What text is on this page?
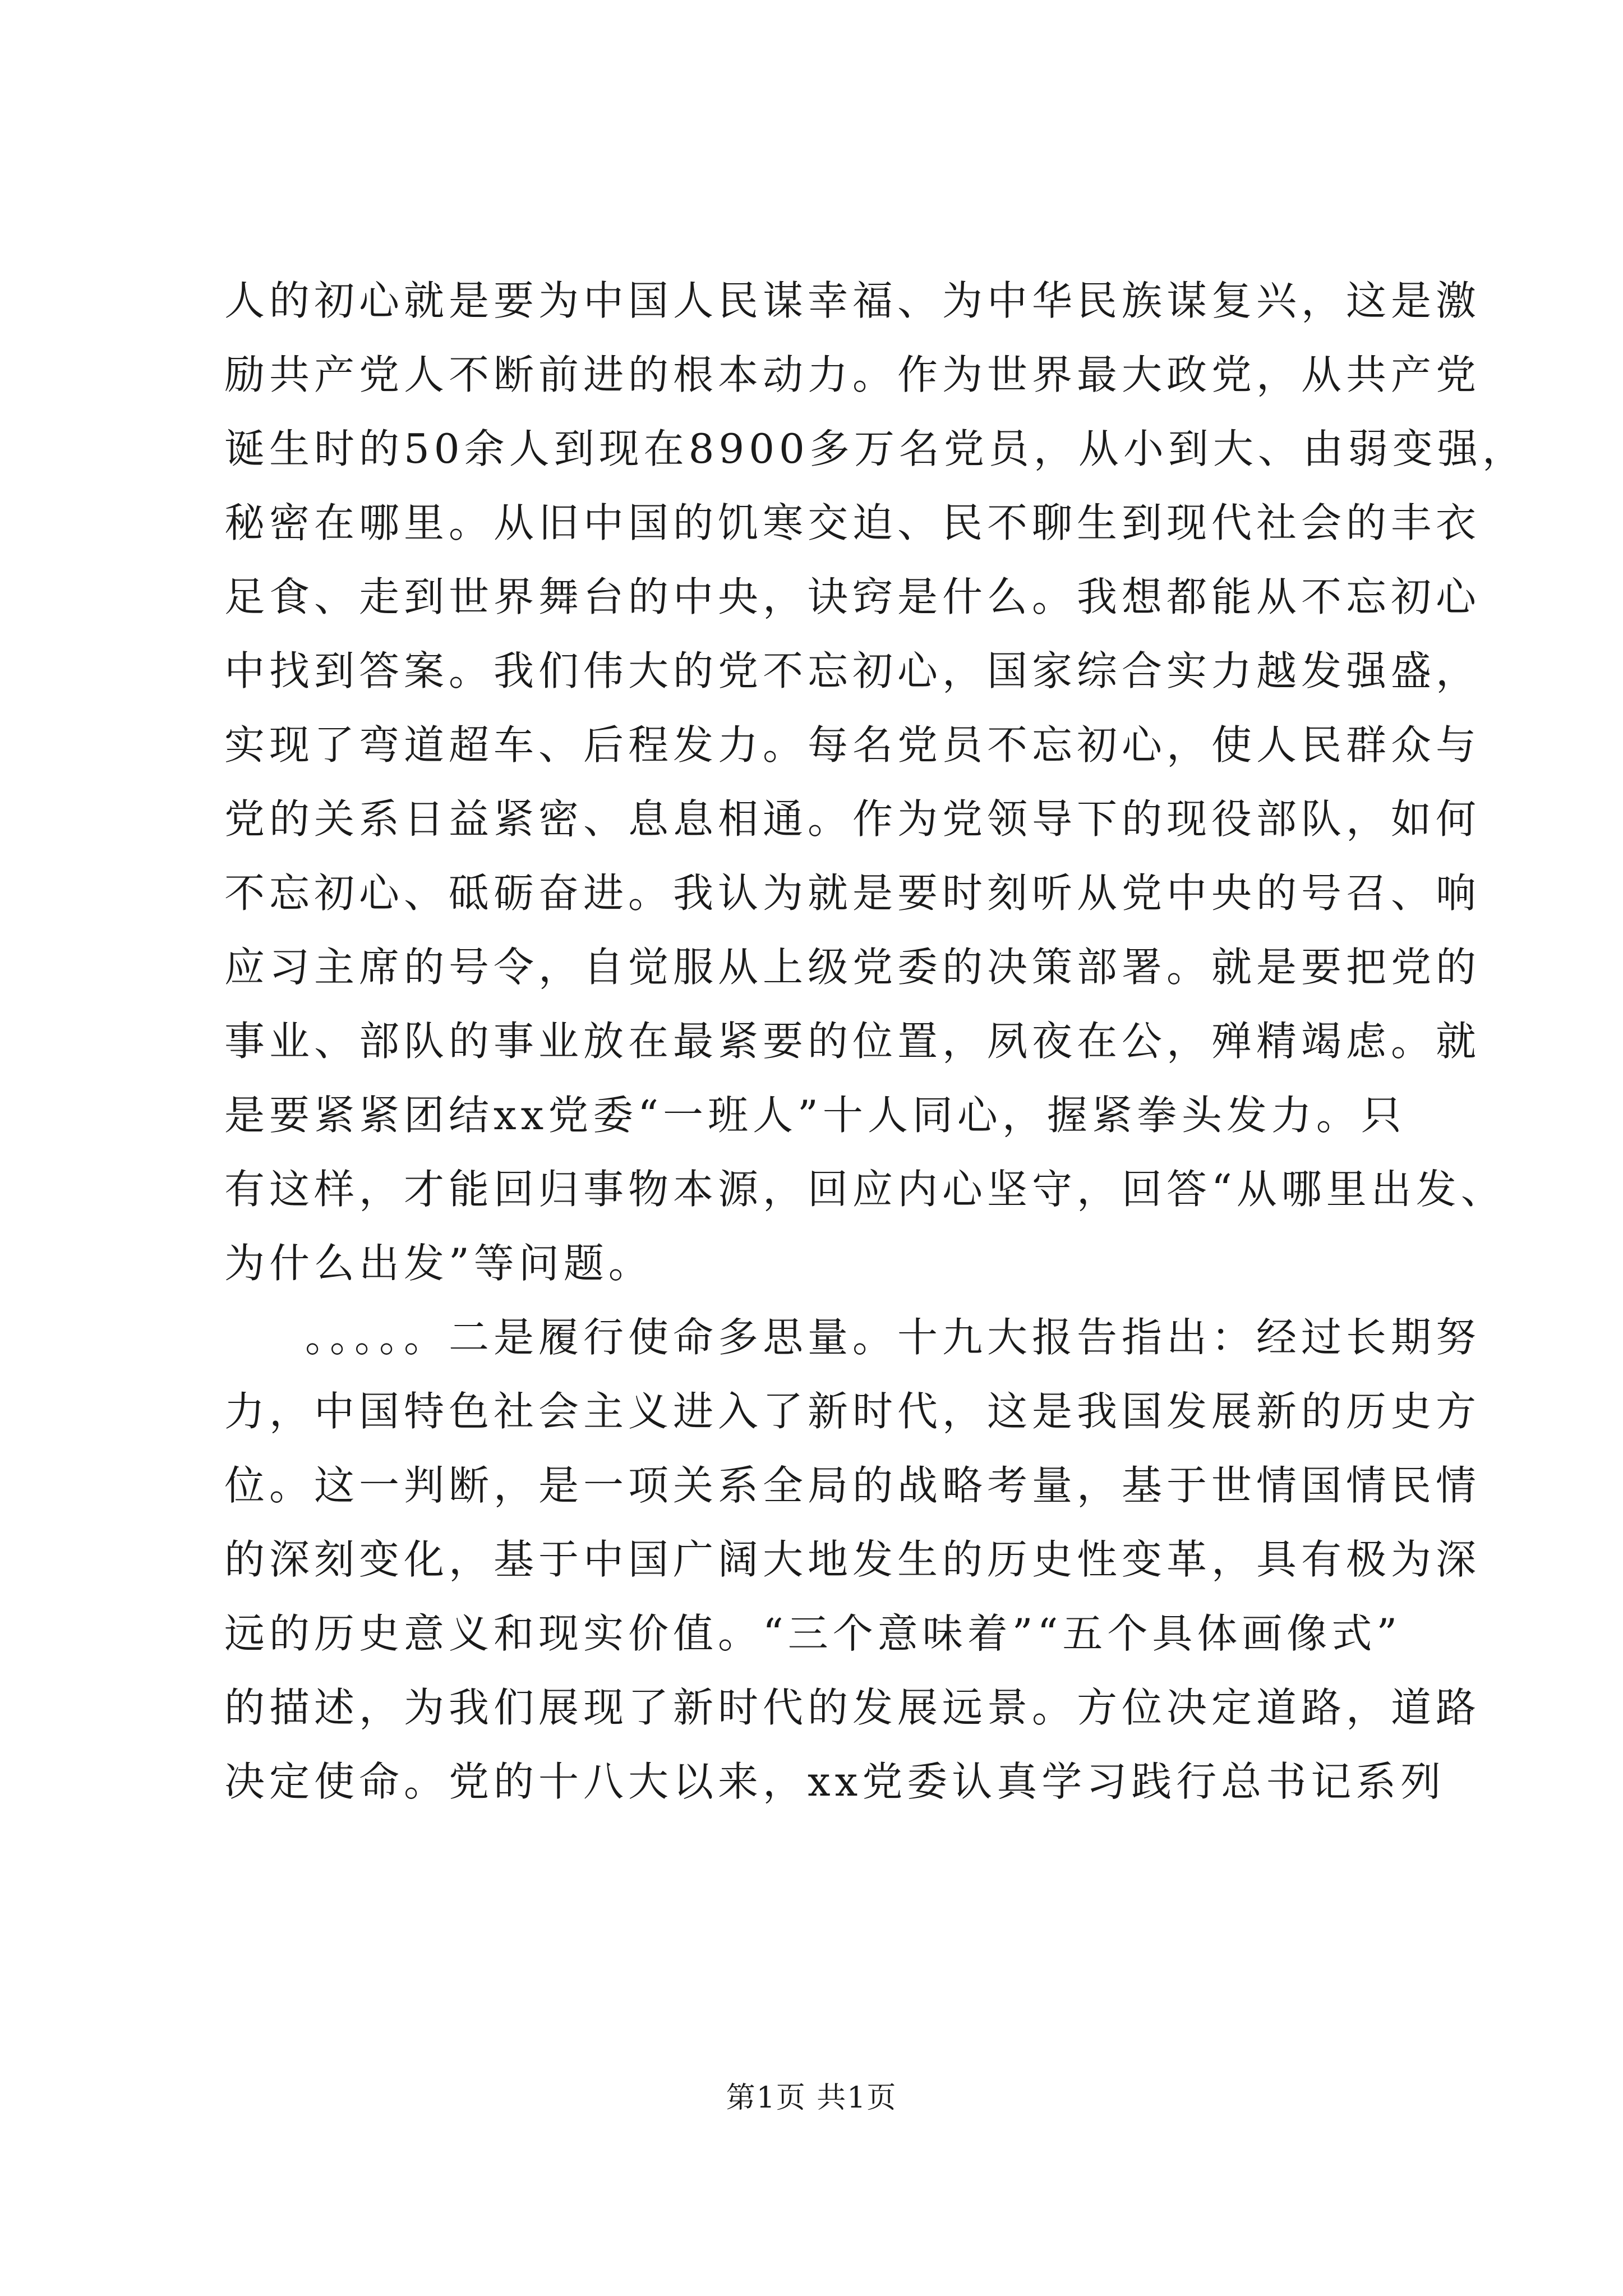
人的初心就是要为中国人民谋幸福、为中华民族谋复兴，这是激
励共产党人不断前进的根本动力。作为世界最大政党，从共产党
诞生时的50余人到现在8900多万名党员，从小到大、由弱变强，
秘密在哪里。从旧中国的饥寒交迫、民不聊生到现代社会的丰衣
足食、走到世界舞台的中央，诀窍是什么。我想都能从不忘初心
中找到答案。我们伟大的党不忘初心，国家综合实力越发强盛，
实现了弯道超车、后程发力。每名党员不忘初心，使人民群众与
党的关系日益紧密、息息相通。作为党领导下的现役部队，如何
不忘初心、砥砺奋进。我认为就是要时刻听从党中央的号召、响
应习主席的号令，自觉服从上级党委的决策部署。就是要把党的
事业、部队的事业放在最紧要的位置，夙夜在公，殚精竭虑。就
是要紧紧团结xx党委“一班人”十人同心，握紧拳头发力。只
有这样，才能回归事物本源，回应内心坚守，回答“从哪里出发、
为什么出发”等问题。
。。。。。二是履行使命多思量。十九大报告指出：经过长期努
力，中国特色社会主义进入了新时代，这是我国发展新的历史方
位。这一判断，是一项关系全局的战略考量，基于世情国情民情
的深刻变化，基于中国广阔大地发生的历史性变革，具有极为深
远的历史意义和现实价值。“三个意味着”“五个具体画像式”
的描述，为我们展现了新时代的发展远景。方位决定道路，道路
决定使命。党的十八大以来，xx党委认真学习践行总书记系列
第1页 共1页
